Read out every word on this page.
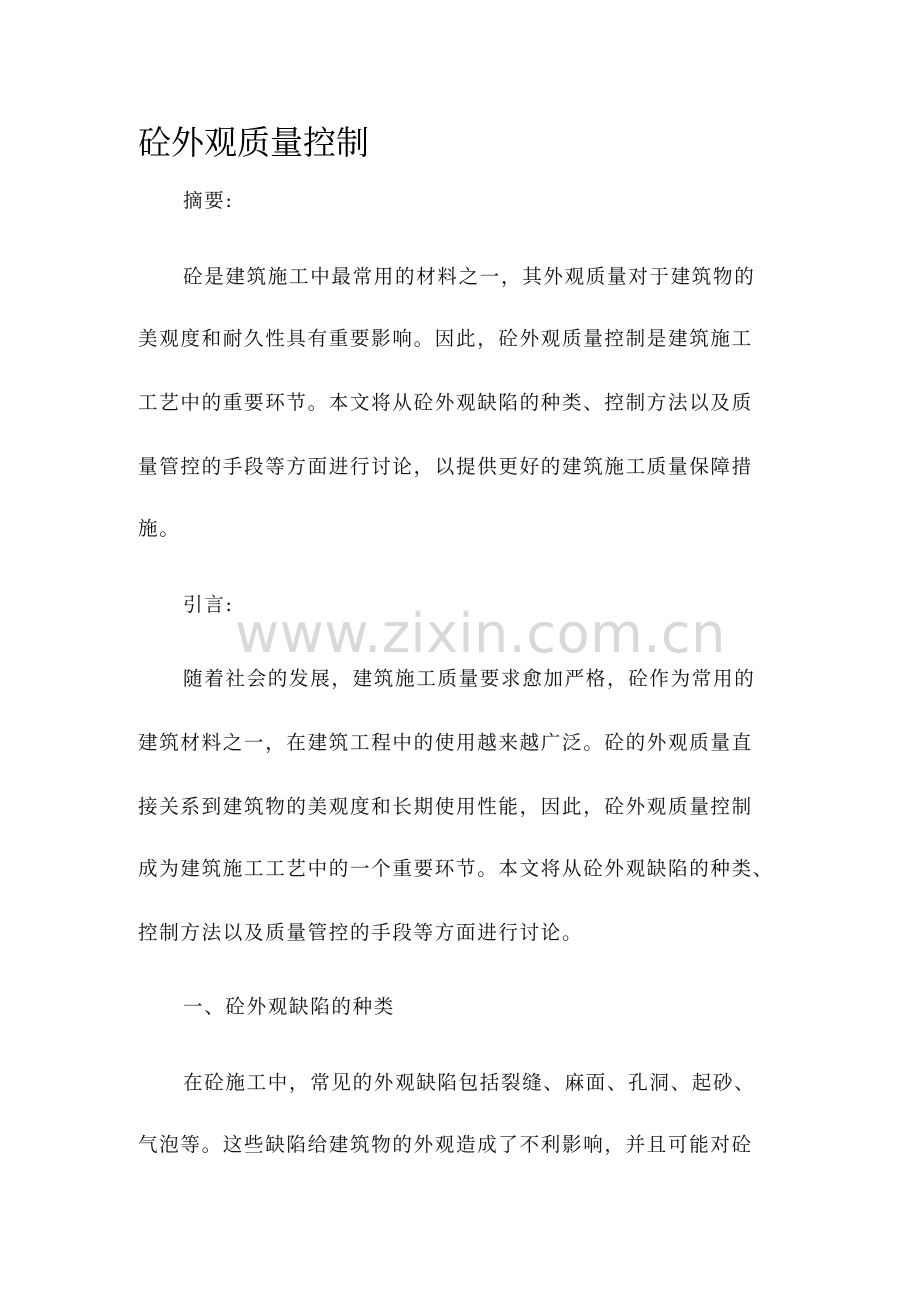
www.zixin.com.cn
砼外观质量控制
摘要:
砼是建筑施工中最常用的材料之一，其外观质量对于建筑物的
美观度和耐久性具有重要影响。因此，砼外观质量控制是建筑施工
工艺中的重要环节。本文将从砼外观缺陷的种类、控制方法以及质
量管控的手段等方面进行讨论，以提供更好的建筑施工质量保障措
施。
引言:
随着社会的发展，建筑施工质量要求愈加严格，砼作为常用的
建筑材料之一，在建筑工程中的使用越来越广泛。砼的外观质量直
接关系到建筑物的美观度和长期使用性能，因此，砼外观质量控制
成为建筑施工工艺中的一个重要环节。本文将从砼外观缺陷的种类、
控制方法以及质量管控的手段等方面进行讨论。
一、砼外观缺陷的种类
在砼施工中，常见的外观缺陷包括裂缝、麻面、孔洞、起砂、
气泡等。这些缺陷给建筑物的外观造成了不利影响，并且可能对砼
